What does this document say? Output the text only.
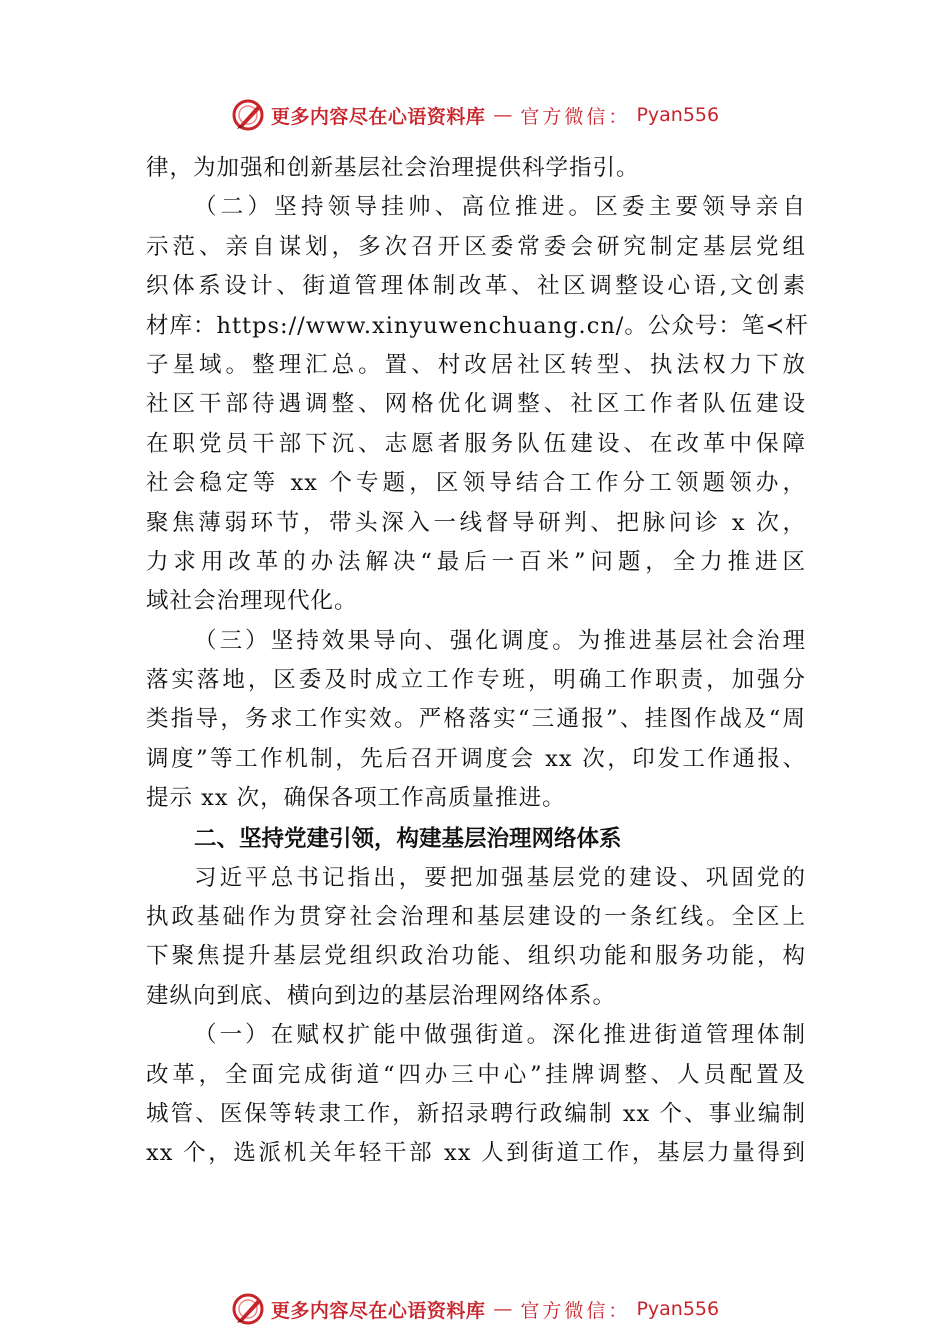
更多内容尽在心语资料库 — 官方微信： Pyan556
律，为加强和创新基层社会治理提供科学指引。
（二）坚持领导挂帅、高位推进。区委主要领导亲自
示范、亲自谋划，多次召开区委常委会研究制定基层党组
织体系设计、街道管理体制改革、社区调整设心语,文创素
材库：https://www.xinyuwenchuang.cn/。公众号：笔≺杆
子星域。整理汇总。置、村改居社区转型、执法权力下放
社区干部待遇调整、网格优化调整、社区工作者队伍建设
在职党员干部下沉、志愿者服务队伍建设、在改革中保障
社会稳定等 xx 个专题，区领导结合工作分工领题领办，
聚焦薄弱环节，带头深入一线督导研判、把脉问诊 x 次，
力求用改革的办法解决“最后一百米”问题，全力推进区
域社会治理现代化。
（三）坚持效果导向、强化调度。为推进基层社会治理
落实落地，区委及时成立工作专班，明确工作职责，加强分
类指导，务求工作实效。严格落实“三通报”、挂图作战及“周
调度”等工作机制，先后召开调度会 xx 次，印发工作通报、
提示 xx 次，确保各项工作高质量推进。
二、坚持党建引领，构建基层治理网络体系
习近平总书记指出，要把加强基层党的建设、巩固党的
执政基础作为贯穿社会治理和基层建设的一条红线。全区上
下聚焦提升基层党组织政治功能、组织功能和服务功能，构
建纵向到底、横向到边的基层治理网络体系。
（一）在赋权扩能中做强街道。深化推进街道管理体制
改革，全面完成街道“四办三中心”挂牌调整、人员配置及
城管、医保等转隶工作，新招录聘行政编制 xx 个、事业编制
xx 个，选派机关年轻干部 xx 人到街道工作，基层力量得到
更多内容尽在心语资料库 — 官方微信： Pyan556
